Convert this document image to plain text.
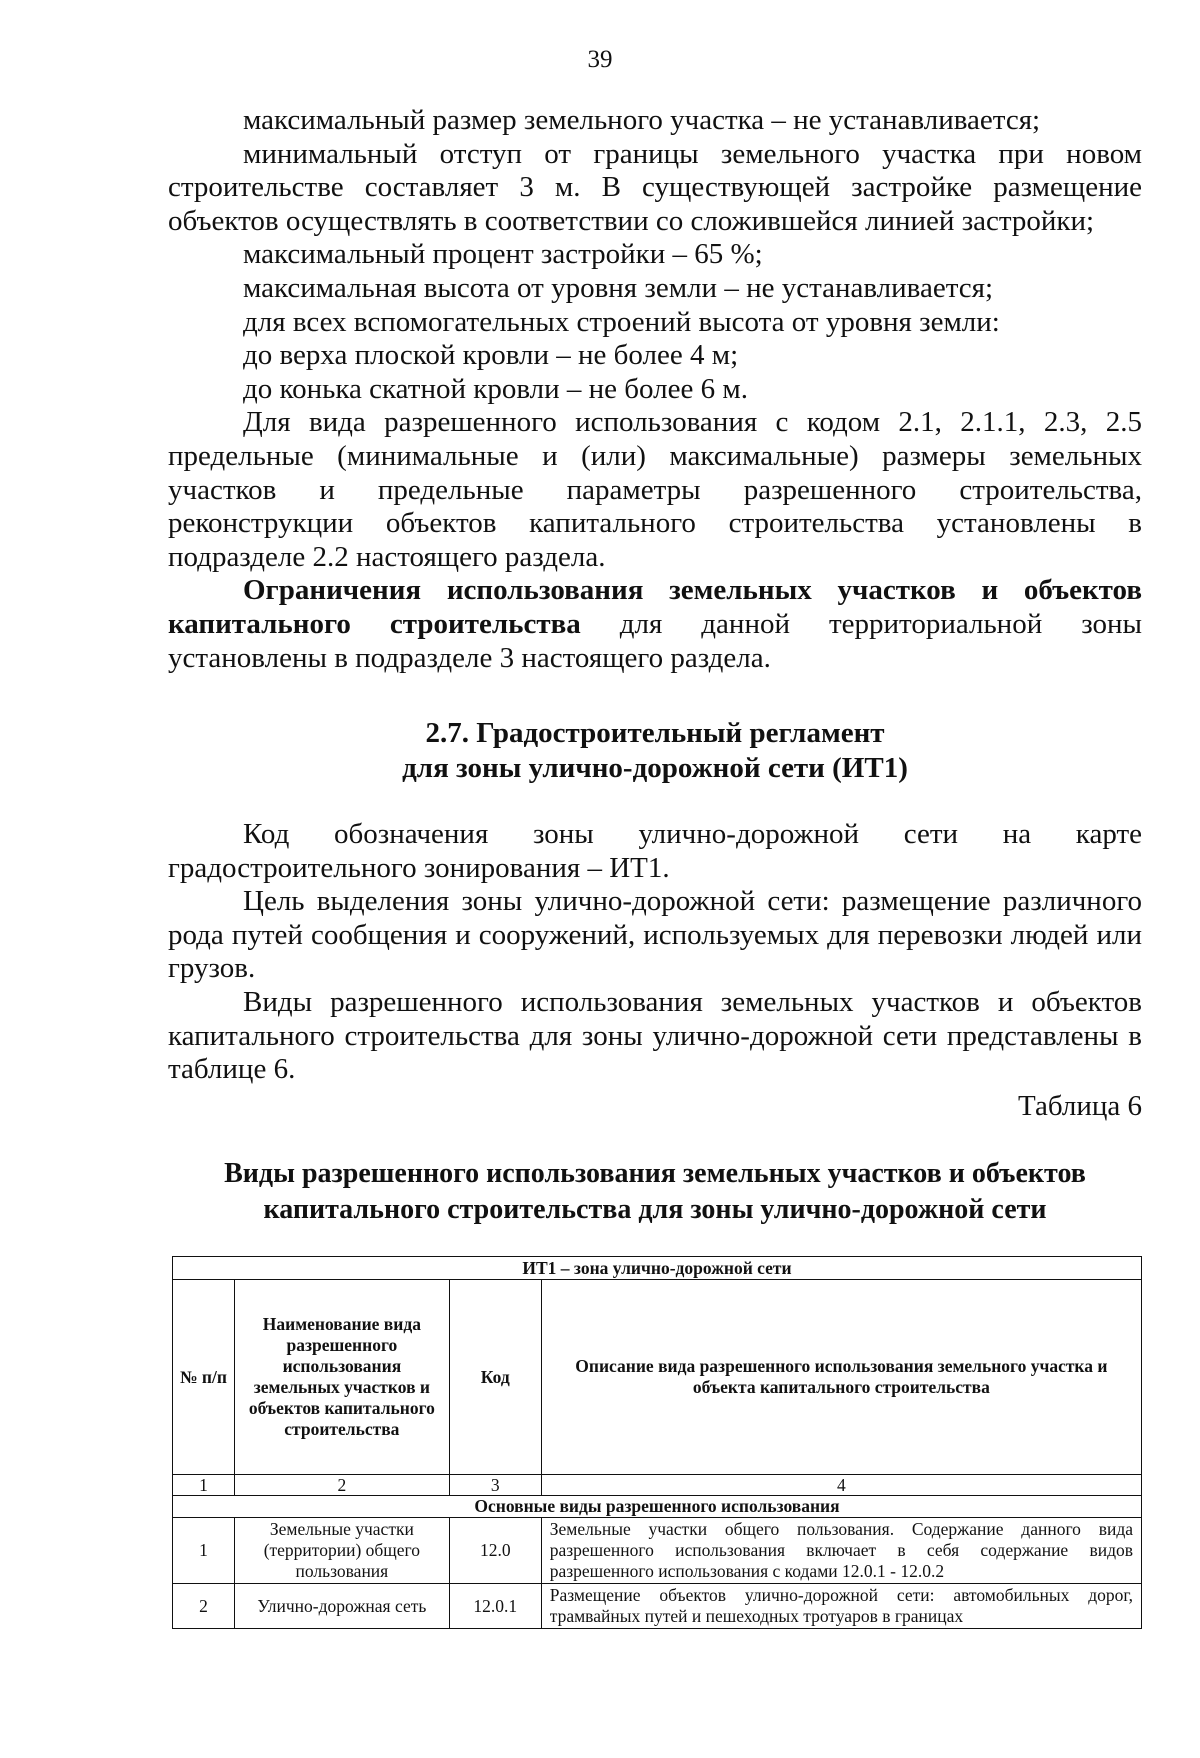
39

максимальный размер земельного участка – не устанавливается;

минимальный отступ от границы земельного участка при новом строительстве составляет 3 м. В существующей застройке размещение объектов осуществлять в соответствии со сложившейся линией застройки;

максимальный процент застройки – 65 %;

максимальная высота от уровня земли – не устанавливается;

для всех вспомогательных строений высота от уровня земли:

до верха плоской кровли – не более 4 м;

до конька скатной кровли – не более 6 м.

Для вида разрешенного использования с кодом 2.1, 2.1.1, 2.3, 2.5 предельные (минимальные и (или) максимальные) размеры земельных участков и предельные параметры разрешенного строительства, реконструкции объектов капитального строительства установлены в подразделе 2.2 настоящего раздела.

Ограничения использования земельных участков и объектов капитального строительства для данной территориальной зоны установлены в подразделе 3 настоящего раздела.

2.7. Градостроительный регламент
для зоны улично-дорожной сети (ИТ1)

Код обозначения зоны улично-дорожной сети на карте градостроительного зонирования – ИТ1.

Цель выделения зоны улично-дорожной сети: размещение различного рода путей сообщения и сооружений, используемых для перевозки людей или грузов.

Виды разрешенного использования земельных участков и объектов капитального строительства для зоны улично-дорожной сети представлены в таблице 6.

Таблица 6
Виды разрешенного использования земельных участков и объектов
капитального строительства для зоны улично-дорожной сети
ИТ1 – зона улично-дорожной сети			
№ п/п	Наименование вида разрешенного использования земельных участков и объектов капитального строительства	Код	Описание вида разрешенного использования земельного участка и объекта капитального строительства
1	2	3	4
Основные виды разрешенного использования			
1	Земельные участки (территории) общего пользования	12.0	Земельные участки общего пользования. Содержание данного вида разрешенного использования включает в себя содержание видов разрешенного использования с кодами 12.0.1 - 12.0.2
2	Улично-дорожная сеть	12.0.1	Размещение объектов улично-дорожной сети: автомобильных дорог, трамвайных путей и пешеходных тротуаров в границах
